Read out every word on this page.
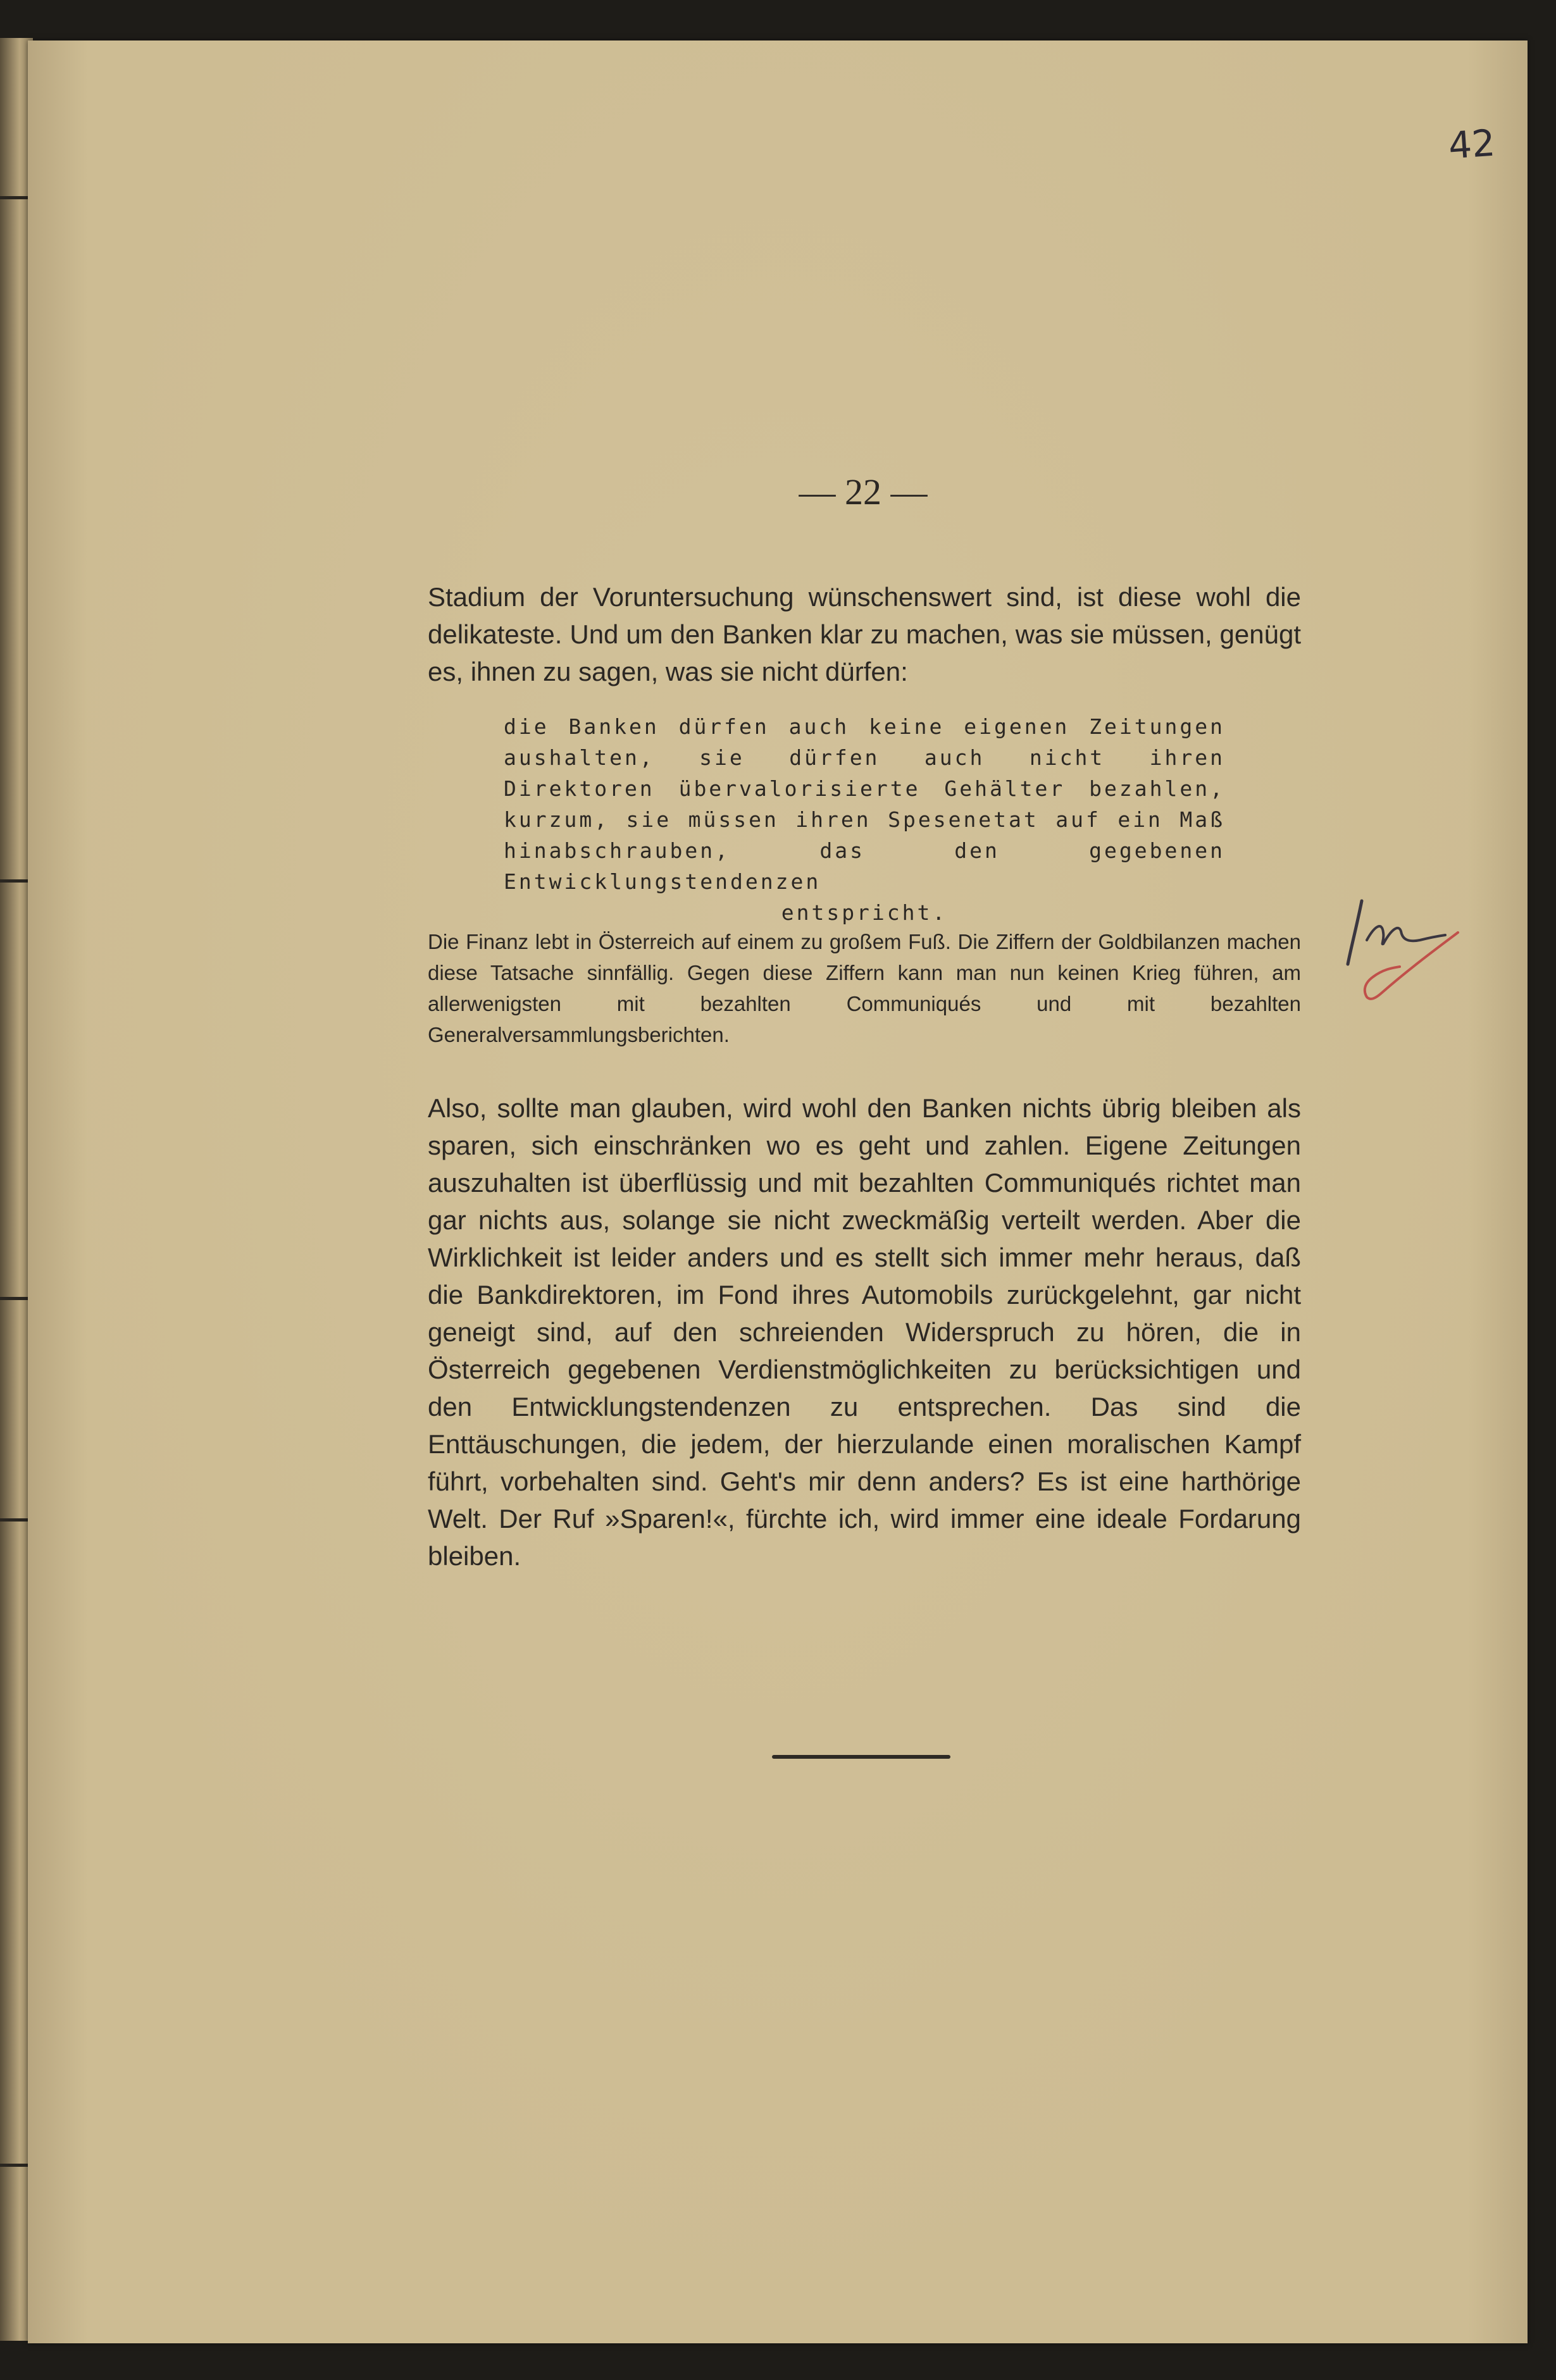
42
— 22 —

Stadium der Voruntersuchung wünschenswert sind, ist diese wohl die delikateste. Und um den Banken klar zu machen, was sie müssen, genügt es, ihnen zu sagen, was sie nicht dürfen:

die Banken dürfen auch keine eigenen Zeitungen aushalten, sie dürfen auch nicht ihren Direktoren übervalorisierte Gehälter bezahlen, kurzum, sie müssen ihren Spesenetat auf ein Maß hinabschrauben, das den gegebenen Entwicklungstendenzen
entspricht.

Die Finanz lebt in Österreich auf einem zu großem Fuß. Die Ziffern der Goldbilanzen machen diese Tatsache sinnfällig. Gegen diese Ziffern kann man nun keinen Krieg führen, am allerwenigsten mit bezahlten Communiqués und mit bezahlten Generalversammlungsberichten.

Also, sollte man glauben, wird wohl den Banken nichts übrig bleiben als sparen, sich einschränken wo es geht und zahlen. Eigene Zeitungen auszuhalten ist überflüssig und mit bezahlten Communiqués richtet man gar nichts aus, solange sie nicht zweckmäßig verteilt werden. Aber die Wirklichkeit ist leider anders und es stellt sich immer mehr heraus, daß die Bankdirektoren, im Fond ihres Automobils zurückgelehnt, gar nicht geneigt sind, auf den schreienden Widerspruch zu hören, die in Österreich gegebenen Verdienstmöglichkeiten zu berücksichtigen und den Entwicklungstendenzen zu entsprechen. Das sind die Enttäuschungen, die jedem, der hierzulande einen moralischen Kampf führt, vorbehalten sind. Geht's mir denn anders? Es ist eine harthörige Welt. Der Ruf »Sparen!«, fürchte ich, wird immer eine ideale Fordarung bleiben.
